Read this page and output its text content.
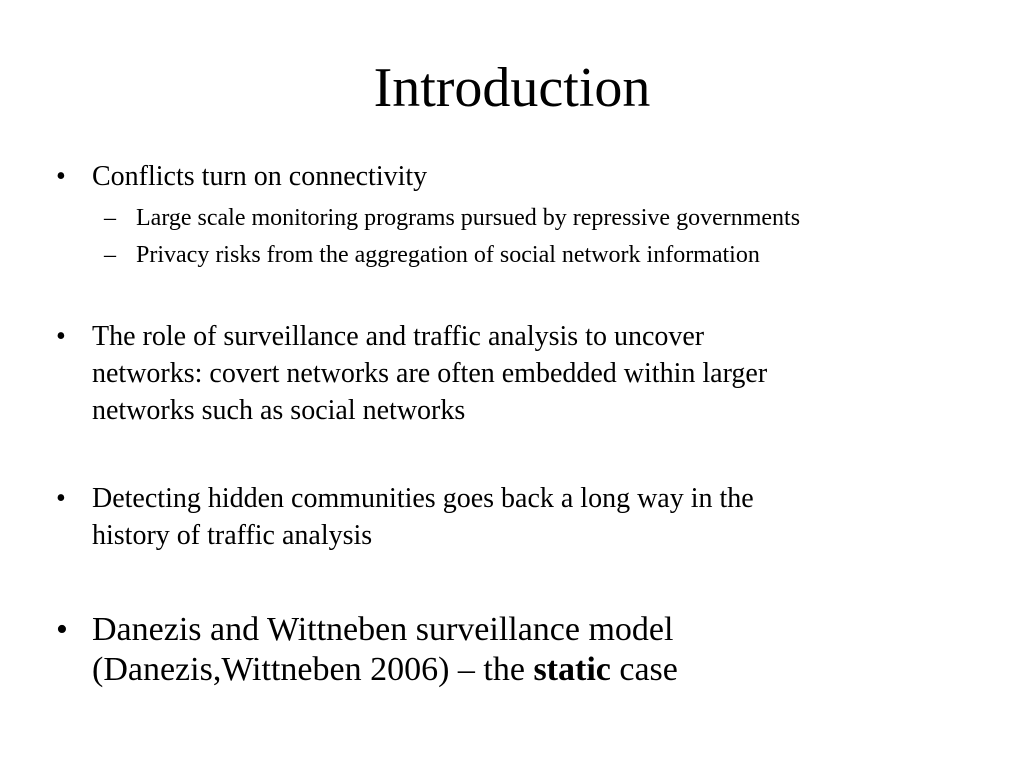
Introduction
• Conflicts turn on connectivity
– Large scale monitoring programs pursued by repressive governments
– Privacy risks from the aggregation of social network information
• The role of surveillance and traffic analysis to uncover
networks: covert networks are often embedded within larger
networks such as social networks
• Detecting hidden communities goes back a long way in the
history of traffic analysis
• Danezis and Wittneben surveillance model
(Danezis,Wittneben 2006) – the static case
